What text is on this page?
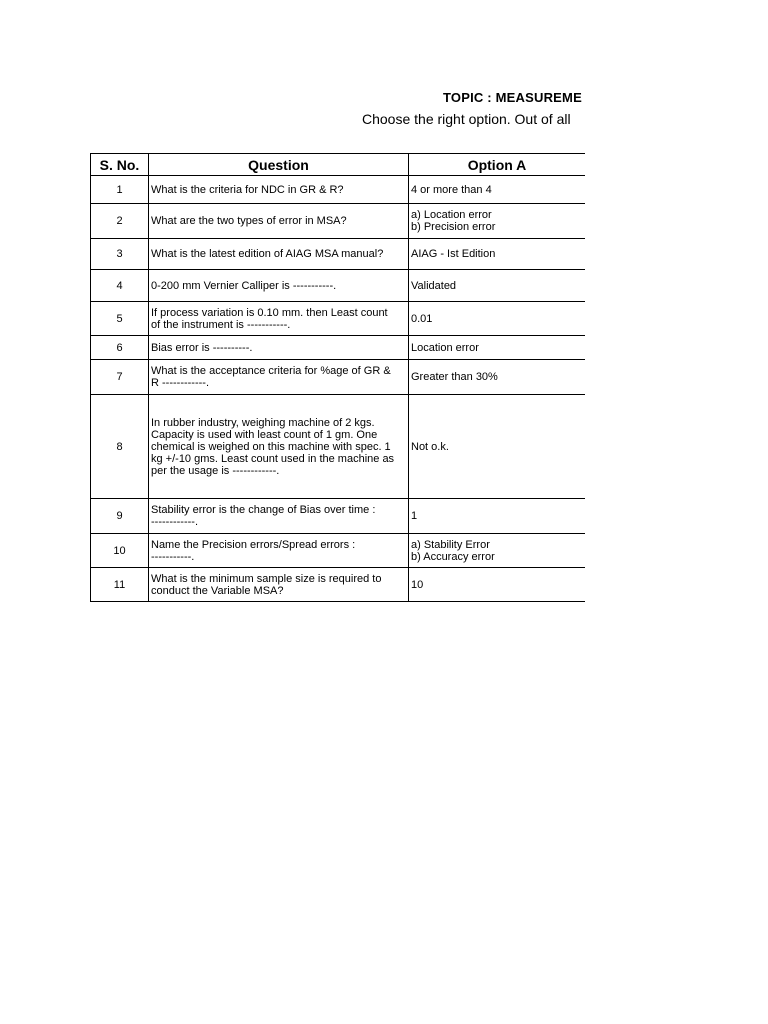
TOPIC : MEASUREME
Choose the right option. Out of all
S. No.	Question	Option A
1	What is the criteria for NDC in GR & R?	4 or more than 4

2	What are the two types of error in MSA?	a) Location error
b) Precision error

3	What is the latest edition of AIAG MSA manual?	AIAG - Ist Edition

4	0-200 mm Vernier Calliper is -----------.	Validated

5	If process variation is 0.10 mm. then Least count
of the instrument is -----------.	0.01

6	Bias error is ----------.	Location error

7	What is the acceptance criteria for %age of GR &
R ------------.	Greater than 30%

8	In rubber industry, weighing machine of 2 kgs.
Capacity is used with least count of 1 gm. One
chemical is weighed on this machine with spec. 1
kg +/-10 gms. Least count used in the machine as
per the usage is ------------.	Not o.k.

9	Stability error is the change of Bias over time :
------------.	1

10	Name the Precision errors/Spread errors :
-----------.	a) Stability Error
b) Accuracy error

11	What is the minimum sample size is required to
conduct the Variable MSA?	10
